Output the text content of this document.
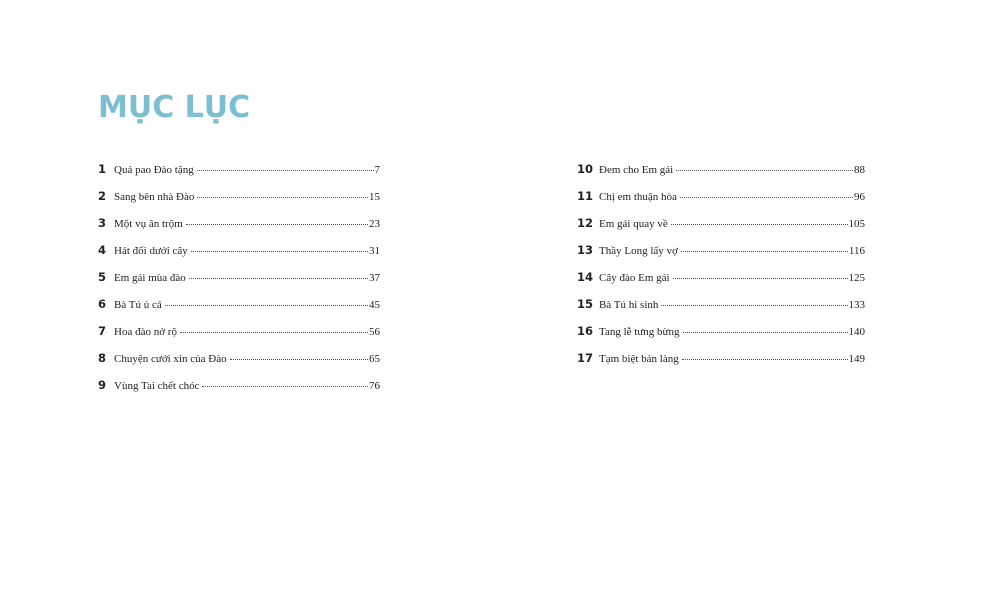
MỤC LỤC
1 Quả pao Đào tặng	7
2 Sang bên nhà Đào	15
3 Một vụ ăn trộm	23
4 Hát đối dưới cây	31
5 Em gái mùa đào	37
6 Bà Tú ủ cá	45
7 Hoa đào nở rộ	56
8 Chuyện cưới xin của Đào	65
9 Vùng Tai chết chóc	76
10 Đem cho Em gái	88
11 Chị em thuận hòa	96
12 Em gái quay về	105
13 Thầy Long lấy vợ	116
14 Cây đào Em gái	125
15 Bà Tú hi sinh	133
16 Tang lễ tưng bừng	140
17 Tạm biệt bản làng	149
